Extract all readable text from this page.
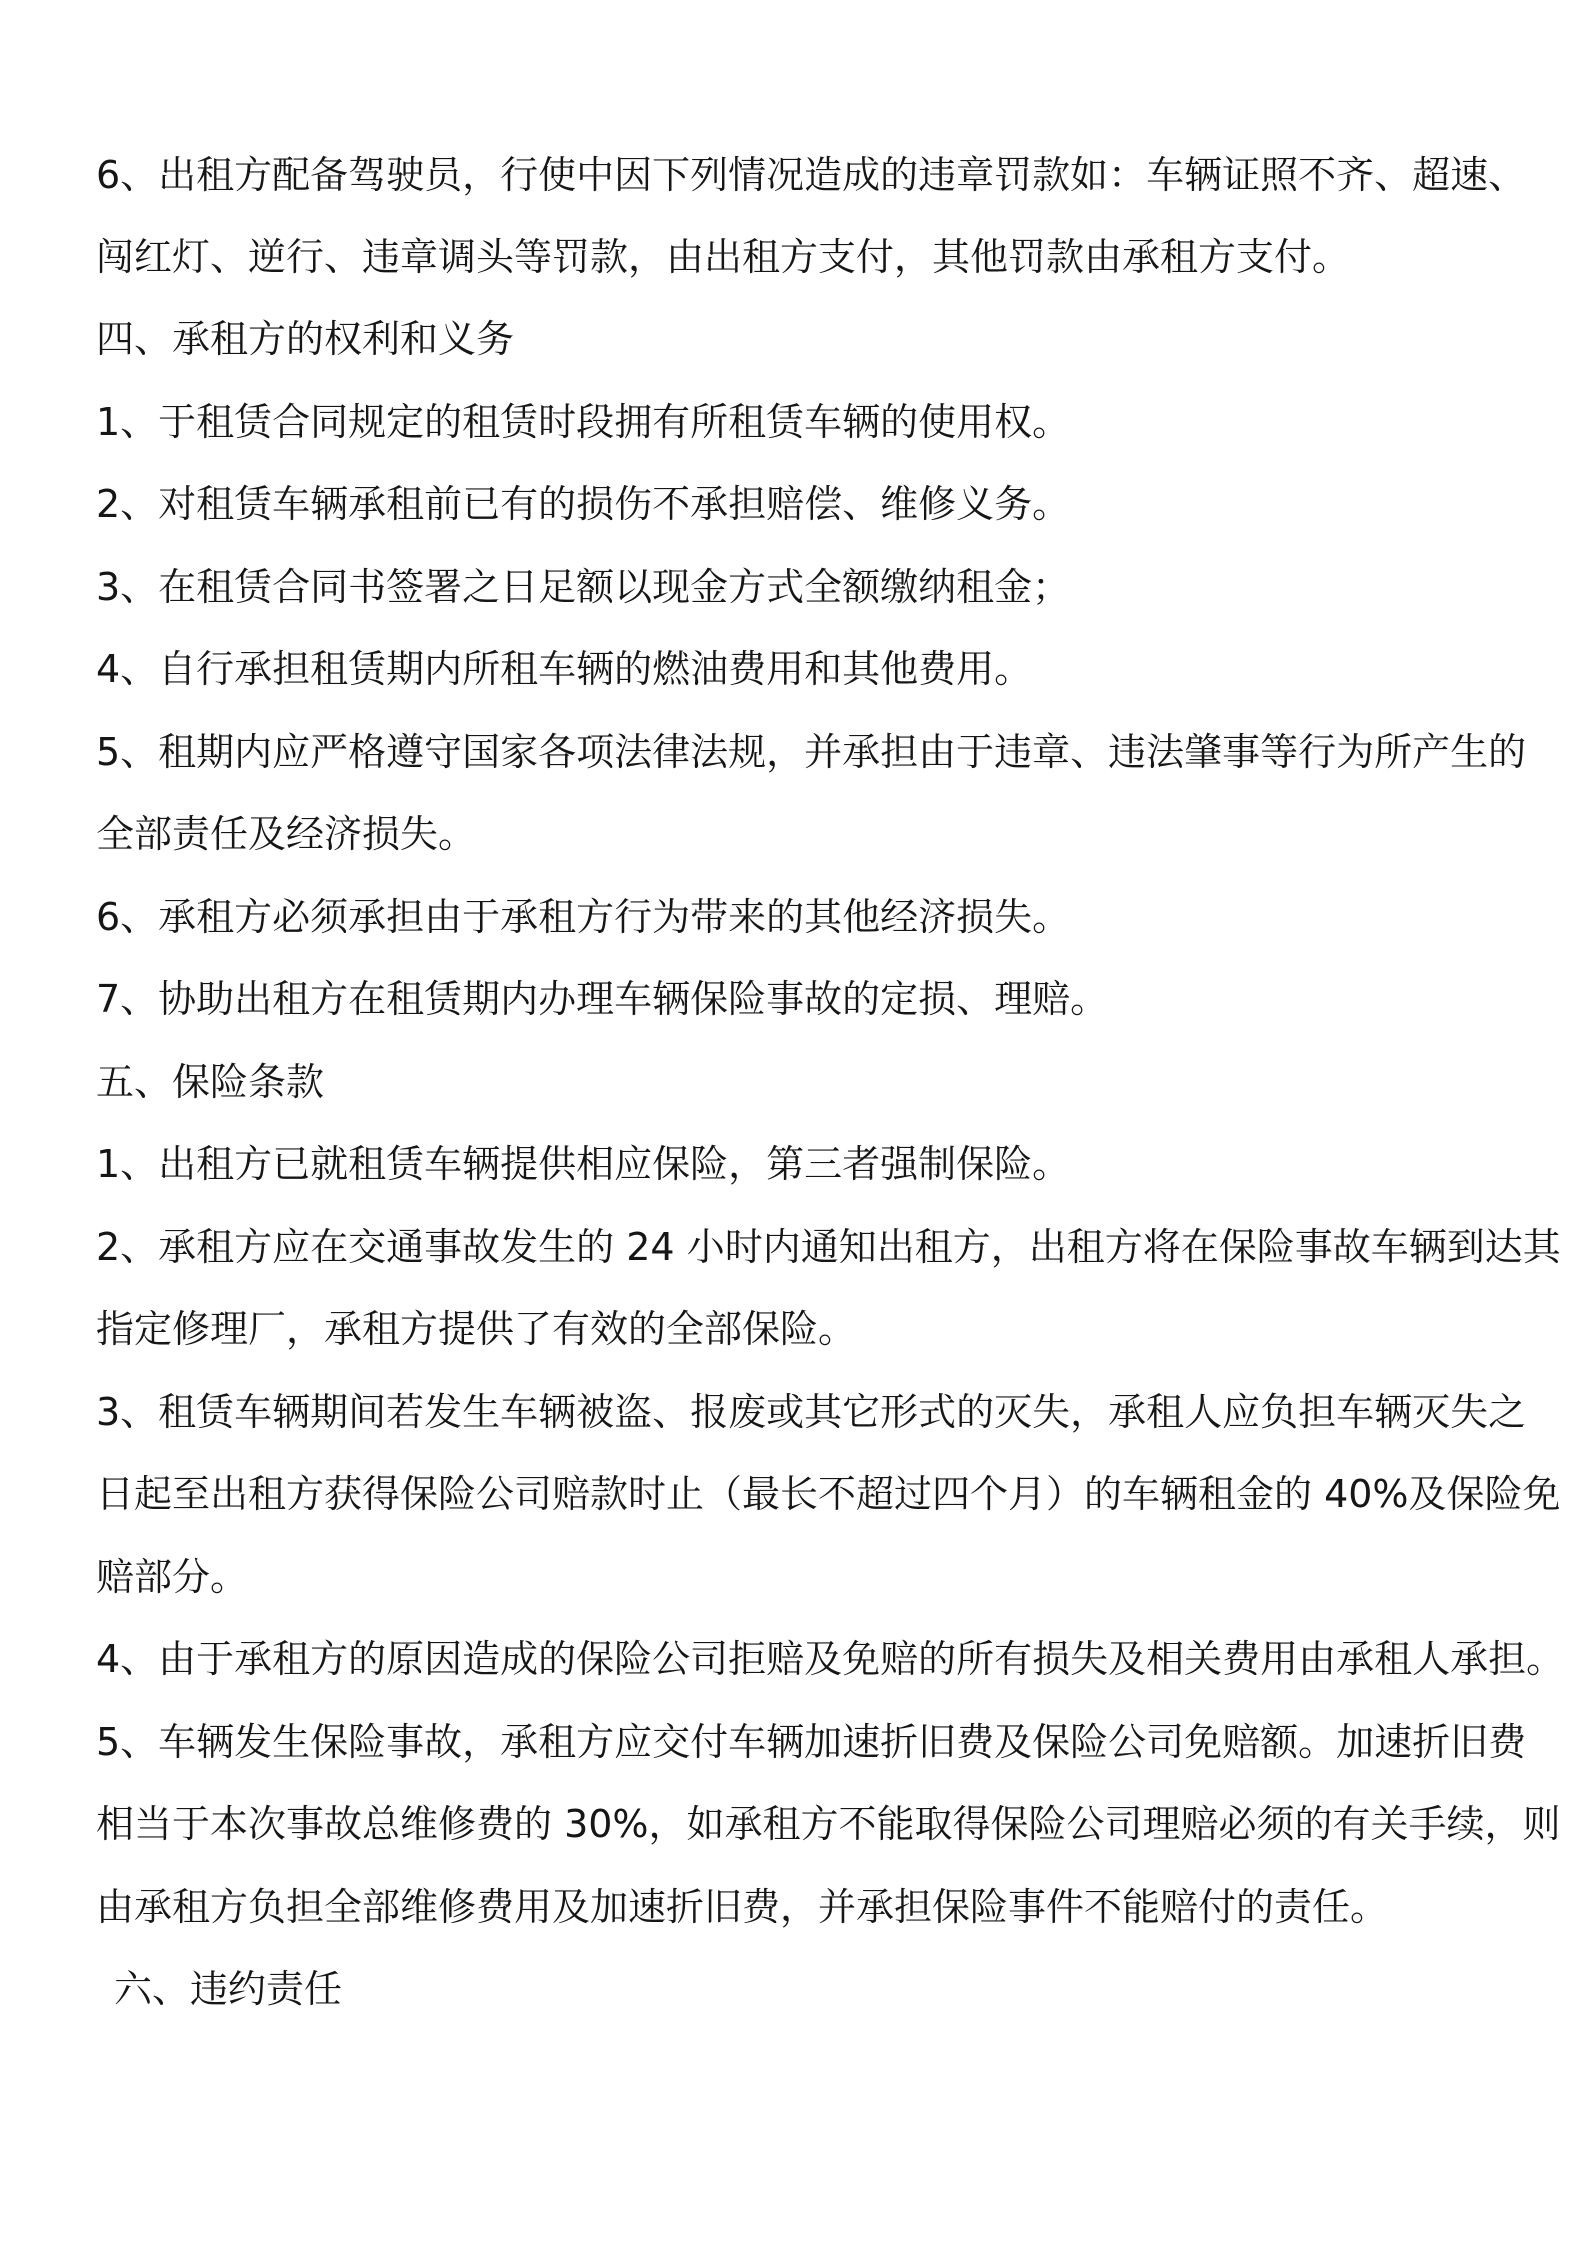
6、出租方配备驾驶员，行使中因下列情况造成的违章罚款如：车辆证照不齐、超速、
闯红灯、逆行、违章调头等罚款，由出租方支付，其他罚款由承租方支付。
四、承租方的权利和义务
1、于租赁合同规定的租赁时段拥有所租赁车辆的使用权。
2、对租赁车辆承租前已有的损伤不承担赔偿、维修义务。
3、在租赁合同书签署之日足额以现金方式全额缴纳租金；
4、自行承担租赁期内所租车辆的燃油费用和其他费用。
5、租期内应严格遵守国家各项法律法规，并承担由于违章、违法肇事等行为所产生的
全部责任及经济损失。
6、承租方必须承担由于承租方行为带来的其他经济损失。
7、协助出租方在租赁期内办理车辆保险事故的定损、理赔。
五、保险条款
1、出租方已就租赁车辆提供相应保险，第三者强制保险。
2、承租方应在交通事故发生的 24 小时内通知出租方，出租方将在保险事故车辆到达其
指定修理厂，承租方提供了有效的全部保险。
3、租赁车辆期间若发生车辆被盗、报废或其它形式的灭失，承租人应负担车辆灭失之
日起至出租方获得保险公司赔款时止（最长不超过四个月）的车辆租金的 40%及保险免
赔部分。
4、由于承租方的原因造成的保险公司拒赔及免赔的所有损失及相关费用由承租人承担。
5、车辆发生保险事故，承租方应交付车辆加速折旧费及保险公司免赔额。加速折旧费
相当于本次事故总维修费的 30%，如承租方不能取得保险公司理赔必须的有关手续，则
由承租方负担全部维修费用及加速折旧费，并承担保险事件不能赔付的责任。
六、违约责任
